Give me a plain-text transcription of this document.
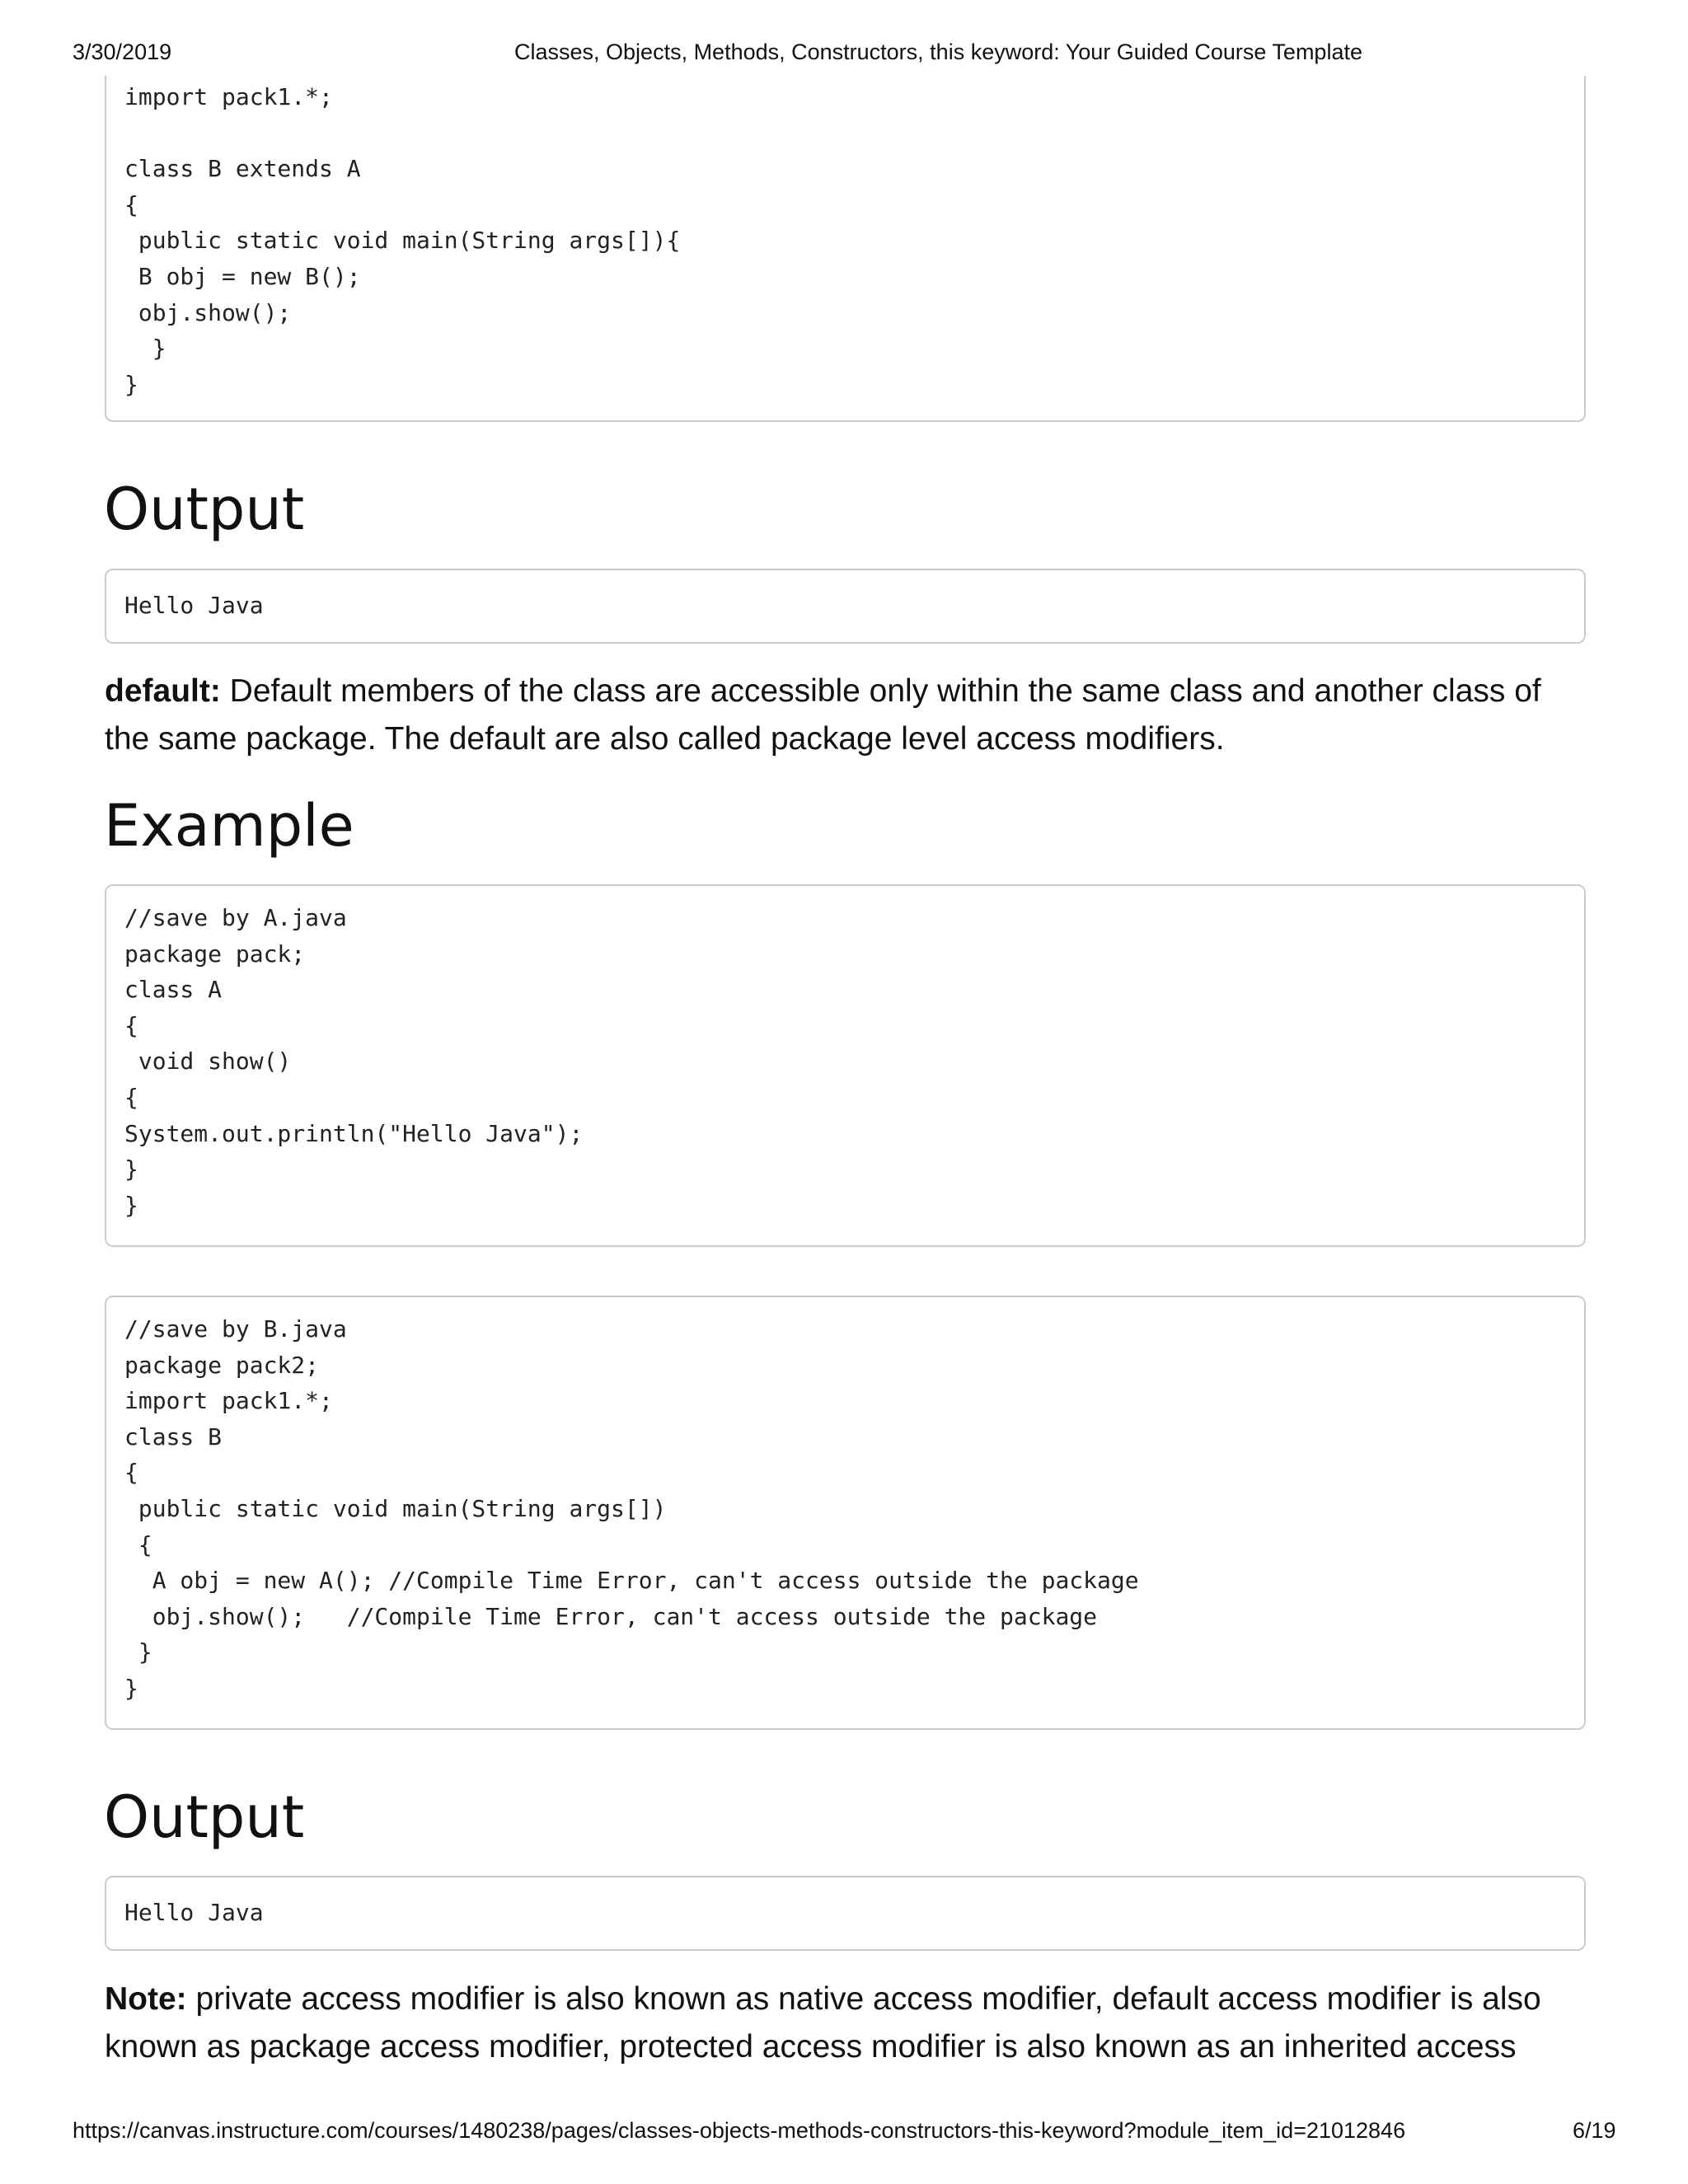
3/30/2019	Classes, Objects, Methods, Constructors, this keyword: Your Guided Course Template
import pack1.*;

class B extends A
{
public static void main(String args[]){
B obj = new B();
obj.show();
}
}
Output
Hello Java

default: Default members of the class are accessible only within the same class and another class of the same package. The default are also called package level access modifiers.

Example
//save by A.java
package pack;
class A
{
void show()
{
System.out.println("Hello Java");
}
}
//save by B.java
package pack2;
import pack1.*;
class B
{
public static void main(String args[])
{
A obj = new A(); //Compile Time Error, can't access outside the package
obj.show();   //Compile Time Error, can't access outside the package
}
}
Output
Hello Java

Note: private access modifier is also known as native access modifier, default access modifier is also known as package access modifier, protected access modifier is also known as an inherited access

https://canvas.instructure.com/courses/1480238/pages/classes-objects-methods-constructors-this-keyword?module_item_id=21012846	6/19
